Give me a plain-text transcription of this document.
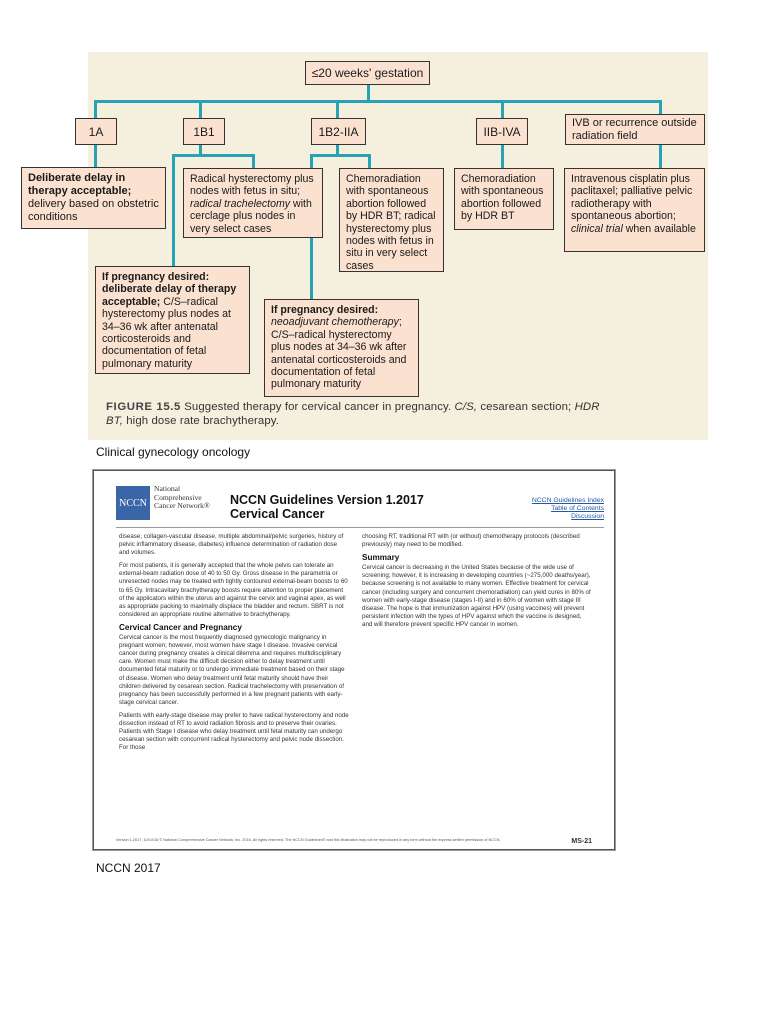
≤20 weeks' gestation
1A	1B1	1B2-IIA	IIB-IVA
IVB or recurrence outside radiation field
Deliberate delay in therapy acceptable; delivery based on obstetric conditions
Radical hysterectomy plus nodes with fetus in situ; radical trachelectomy with cerclage plus nodes in very select cases
Chemoradiation with spontaneous abortion followed by HDR BT; radical hysterectomy plus nodes with fetus in situ in very select cases
Chemoradiation with spontaneous abortion followed by HDR BT
Intravenous cisplatin plus paclitaxel; palliative pelvic radiotherapy with spontaneous abortion; clinical trial when available
If pregnancy desired: deliberate delay of therapy acceptable; C/S–radical hysterectomy plus nodes at 34–36 wk after antenatal corticosteroids and documentation of fetal pulmonary maturity
If pregnancy desired:
neoadjuvant chemotherapy; C/S–radical hysterectomy plus nodes at 34–36 wk after antenatal corticosteroids and documentation of fetal pulmonary maturity
FIGURE 15.5 Suggested therapy for cervical cancer in pregnancy. C/S, cesarean section; HDR BT, high dose rate brachytherapy.
Clinical gynecology oncology
NCCN
National Comprehensive Cancer Network®	NCCN Guidelines Version 1.2017
Cervical Cancer
NCCN Guidelines Index
Table of Contents
Discussion

disease, collagen-vascular disease, multiple abdominal/pelvic surgeries, history of pelvic inflammatory disease, diabetes) influence determination of radiation dose and volumes.

For most patients, it is generally accepted that the whole pelvis can tolerate an external-beam radiation dose of 40 to 50 Gy. Gross disease in the parametria or unresected nodes may be treated with tightly contoured external-beam boosts to 60 to 65 Gy. Intracavitary brachytherapy boosts require attention to proper placement of the applicators within the uterus and against the cervix and vaginal apex, as well as appropriate packing to maximally displace the bladder and rectum. SBRT is not considered an appropriate routine alternative to brachytherapy.

Cervical Cancer and Pregnancy

Cervical cancer is the most frequently diagnosed gynecologic malignancy in pregnant women; however, most women have stage I disease. Invasive cervical cancer during pregnancy creates a clinical dilemma and requires multidisciplinary care. Women must make the difficult decision either to delay treatment until documented fetal maturity or to undergo immediate treatment based on their stage of disease. Women who delay treatment until fetal maturity should have their children delivered by cesarean section. Radical trachelectomy with preservation of pregnancy has been successfully performed in a few pregnant patients with early-stage cervical cancer.

Patients with early-stage disease may prefer to have radical hysterectomy and node dissection instead of RT to avoid radiation fibrosis and to preserve their ovaries. Patients with Stage I disease who delay treatment until fetal maturity can undergo cesarean section with concurrent radical hysterectomy and pelvic node dissection. For those

choosing RT, traditional RT with (or without) chemotherapy protocols (described previously) may need to be modified.

Summary

Cervical cancer is decreasing in the United States because of the wide use of screening; however, it is increasing in developing countries (~275,000 deaths/year), because screening is not available to many women. Effective treatment for cervical cancer (including surgery and concurrent chemoradiation) can yield cures in 80% of women with early-stage disease (stages I-II) and in 60% of women with stage III disease. The hope is that immunization against HPV (using vaccines) will prevent persistent infection with the types of HPV against which the vaccine is designed, and will therefore prevent specific HPV cancer in women.

Version 1.2017, 10/10/16 © National Comprehensive Cancer Network, Inc. 2016, All rights reserved. The NCCN Guidelines® and this illustration may not be reproduced in any form without the express written permission of NCCN.	MS-21
NCCN 2017
